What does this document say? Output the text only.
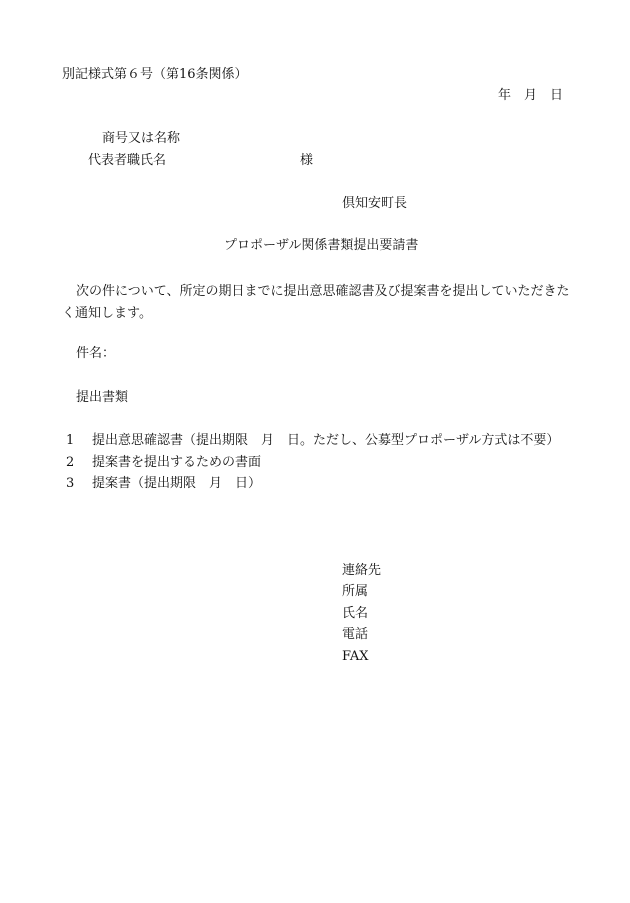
別記様式第６号（第16条関係）
年　月　日
商号又は名称
代表者職氏名	様
倶知安町長
プロポーザル関係書類提出要請書
次の件について、所定の期日までに提出意思確認書及び提案書を提出していただきたく通知します。
件名：
提出書類
1 提出意思確認書（提出期限　月　日。ただし、公募型プロポーザル方式は不要）
2 提案書を提出するための書面
3 提案書（提出期限　月　日）
連絡先
所属
氏名
電話
FAX
